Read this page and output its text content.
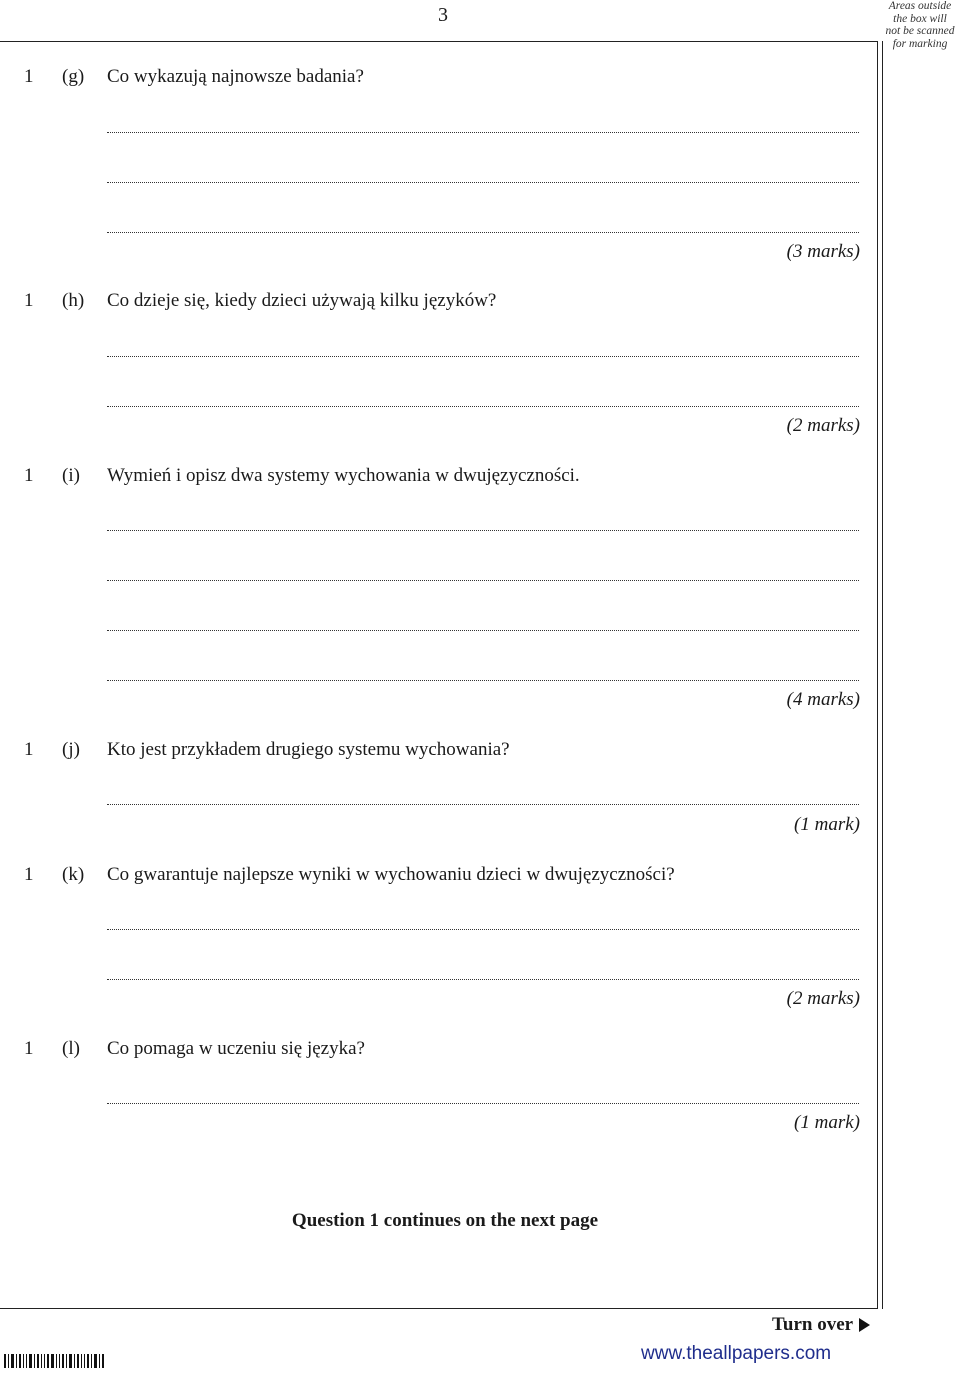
3	Areas outside
the box will
not be scanned
for marking
1 (g) Co wykazują najnowsze badania?
(3 marks)
1 (h) Co dzieje się, kiedy dzieci używają kilku języków?
(2 marks)
1 (i) Wymień i opisz dwa systemy wychowania w dwujęzyczności.
(4 marks)
1 (j) Kto jest przykładem drugiego systemu wychowania?
(1 mark)
1 (k) Co gwarantuje najlepsze wyniki w wychowaniu dzieci w dwujęzyczności?
(2 marks)
1 (l) Co pomaga w uczeniu się języka?
(1 mark)
Question 1 continues on the next page
Turn over
www.theallpapers.com
